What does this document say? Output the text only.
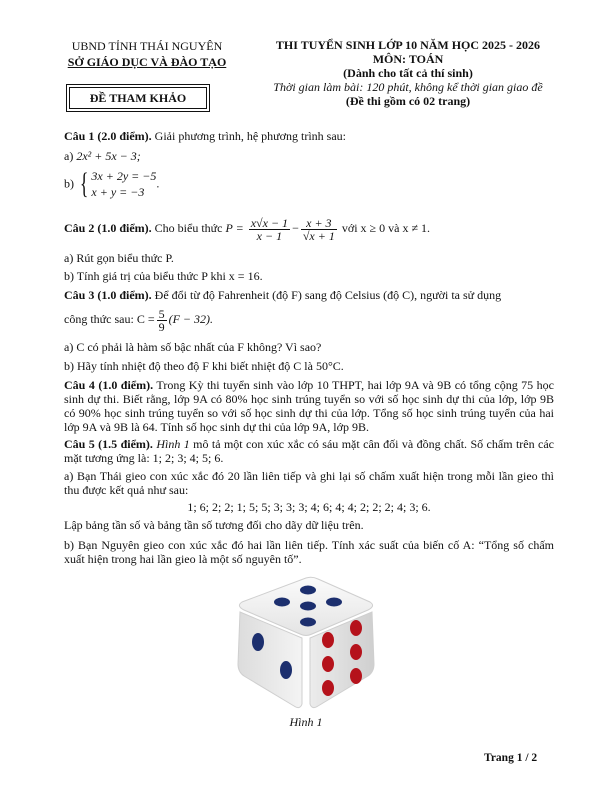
UBND TỈNH THÁI NGUYÊN
SỞ GIÁO DỤC VÀ ĐÀO TẠO
ĐỀ THAM KHẢO
THI TUYỂN SINH LỚP 10 NĂM HỌC 2025 - 2026
MÔN: TOÁN
(Dành cho tất cả thí sinh)
Thời gian làm bài: 120 phút, không kể thời gian giao đề
(Đề thi gồm có 02 trang)
Câu 1 (2.0 điểm). Giải phương trình, hệ phương trình sau:
a) 2x² + 5x − 3;
b) { 3x + 2y = −5
x + y = −3
.
Câu 2 (1.0 điểm). Cho biểu thức $P = \frac{x√x - 1}{x - 1} - \frac{x + 3}{√x + 1}$ với x ≥ 0 và x ≠ 1.
a) Rút gọn biểu thức P.
b) Tính giá trị của biểu thức P khi x = 16.
Câu 3 (1.0 điểm). Để đổi từ độ Fahrenheit (độ F) sang độ Celsius (độ C), người ta sử dụng
công thức sau: $C = \frac{5}{9} (F - 32)$.
a) C có phải là hàm số bậc nhất của F không? Vì sao?
b) Hãy tính nhiệt độ theo độ F khi biết nhiệt độ C là 50°C.
Câu 4 (1.0 điểm). Trong Kỳ thi tuyển sinh vào lớp 10 THPT, hai lớp 9A và 9B có tổng cộng 75 học sinh dự thi. Biết rằng, lớp 9A có 80% học sinh trúng tuyển so với số học sinh dự thi của lớp, lớp 9B có 90% học sinh trúng tuyển so với số học sinh dự thi của lớp. Tổng số học sinh trúng tuyển của hai lớp 9A và 9B là 64. Tính số học sinh dự thi của lớp 9A, lớp 9B.
Câu 5 (1.5 điểm). Hình 1 mô tả một con xúc xắc có sáu mặt cân đối và đồng chất. Số chấm trên các mặt tương ứng là: 1; 2; 3; 4; 5; 6.
a) Bạn Thái gieo con xúc xắc đó 20 lần liên tiếp và ghi lại số chấm xuất hiện trong mỗi lần gieo thì thu được kết quả như sau:
1; 6; 2; 2; 1; 5; 5; 3; 3; 3; 4; 6; 4; 4; 2; 2; 2; 4; 3; 6.
Lập bảng tần số và bảng tần số tương đối cho dãy dữ liệu trên.
b) Bạn Nguyên gieo con xúc xắc đó hai lần liên tiếp. Tính xác suất của biến cố A: “Tổng số chấm xuất hiện trong hai lần gieo là một số nguyên tố”.
Hình 1
Trang 1 / 2
